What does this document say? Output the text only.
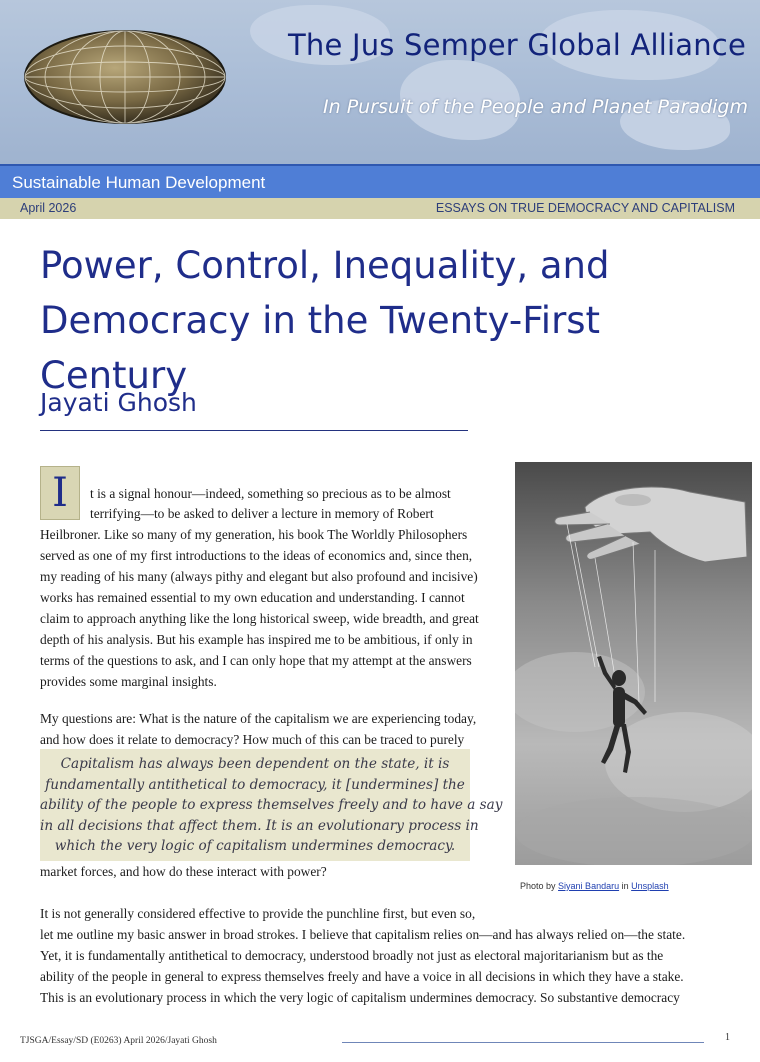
The Jus Semper Global Alliance
In Pursuit of the People and Planet Paradigm
Sustainable Human Development
April 2026	ESSAYS ON TRUE DEMOCRACY AND CAPITALISM
Power, Control, Inequality, and
Democracy in the Twenty-First Century
Jayati Ghosh
I	t is a signal honour—indeed, something so precious as to be almost
terrifying—to be asked to deliver a lecture in memory of Robert
Heilbroner. Like so many of my generation, his book The Worldly Philosophers
served as one of my first introductions to the ideas of economics and, since then,
my reading of his many (always pithy and elegant but also profound and incisive)
works has remained essential to my own education and understanding. I cannot
claim to approach anything like the long historical sweep, wide breadth, and great
depth of his analysis. But his example has inspired me to be ambitious, if only in
terms of the questions to ask, and I can only hope that my attempt at the answers
provides some marginal insights.
My questions are: What is the nature of the capitalism we are experiencing today,
and how does it relate to democracy? How much of this can be traced to purely
Capitalism has always been dependent on the state, it is
fundamentally antithetical to democracy, it [undermines] the
ability of the people to express themselves freely and to have a say
in all decisions that affect them. It is an evolutionary process in
which the very logic of capitalism undermines democracy.
market forces, and how do these interact with power?
Photo by Siyani Bandaru in Unsplash
It is not generally considered effective to provide the punchline first, but even so,
let me outline my basic answer in broad strokes. I believe that capitalism relies on—and has always relied on—the state.
Yet, it is fundamentally antithetical to democracy, understood broadly not just as electoral majoritarianism but as the
ability of the people in general to express themselves freely and have a voice in all decisions in which they have a stake.
This is an evolutionary process in which the very logic of capitalism undermines democracy. So substantive democracy
TJSGA/Essay/SD (E0263) April 2026/Jayati Ghosh	1
